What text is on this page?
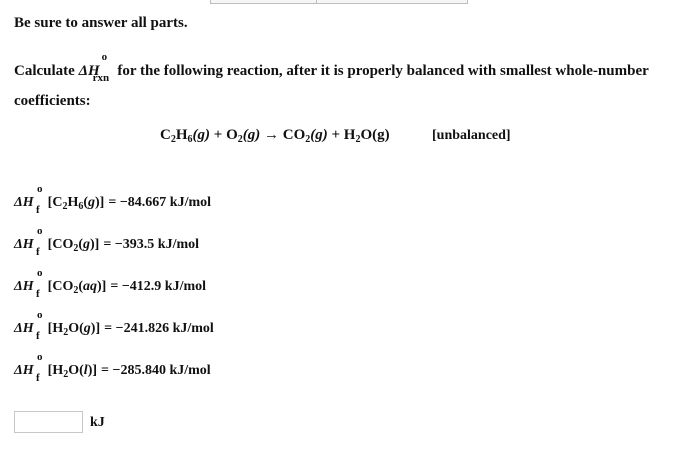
Be sure to answer all parts.
Calculate ΔH
o
rxn for the following reaction, after it is properly balanced with smallest whole-number
coefficients:
$C_2H_6(g) + O_2(g) \to CO_2(g) + H_2O(g)$	[unbalanced]
ΔH
o
f $[C_2H_6(g)] = -84.667$ kJ/mol
ΔH
o
f $[CO_2(g)] = -393.5$ kJ/mol
ΔH
o
f $[CO_2(aq)] = -412.9$ kJ/mol
ΔH
o
f $[H_2O(g)] = -241.826$ kJ/mol
ΔH
o
f $[H_2O(l)] = -285.840$ kJ/mol
kJ
